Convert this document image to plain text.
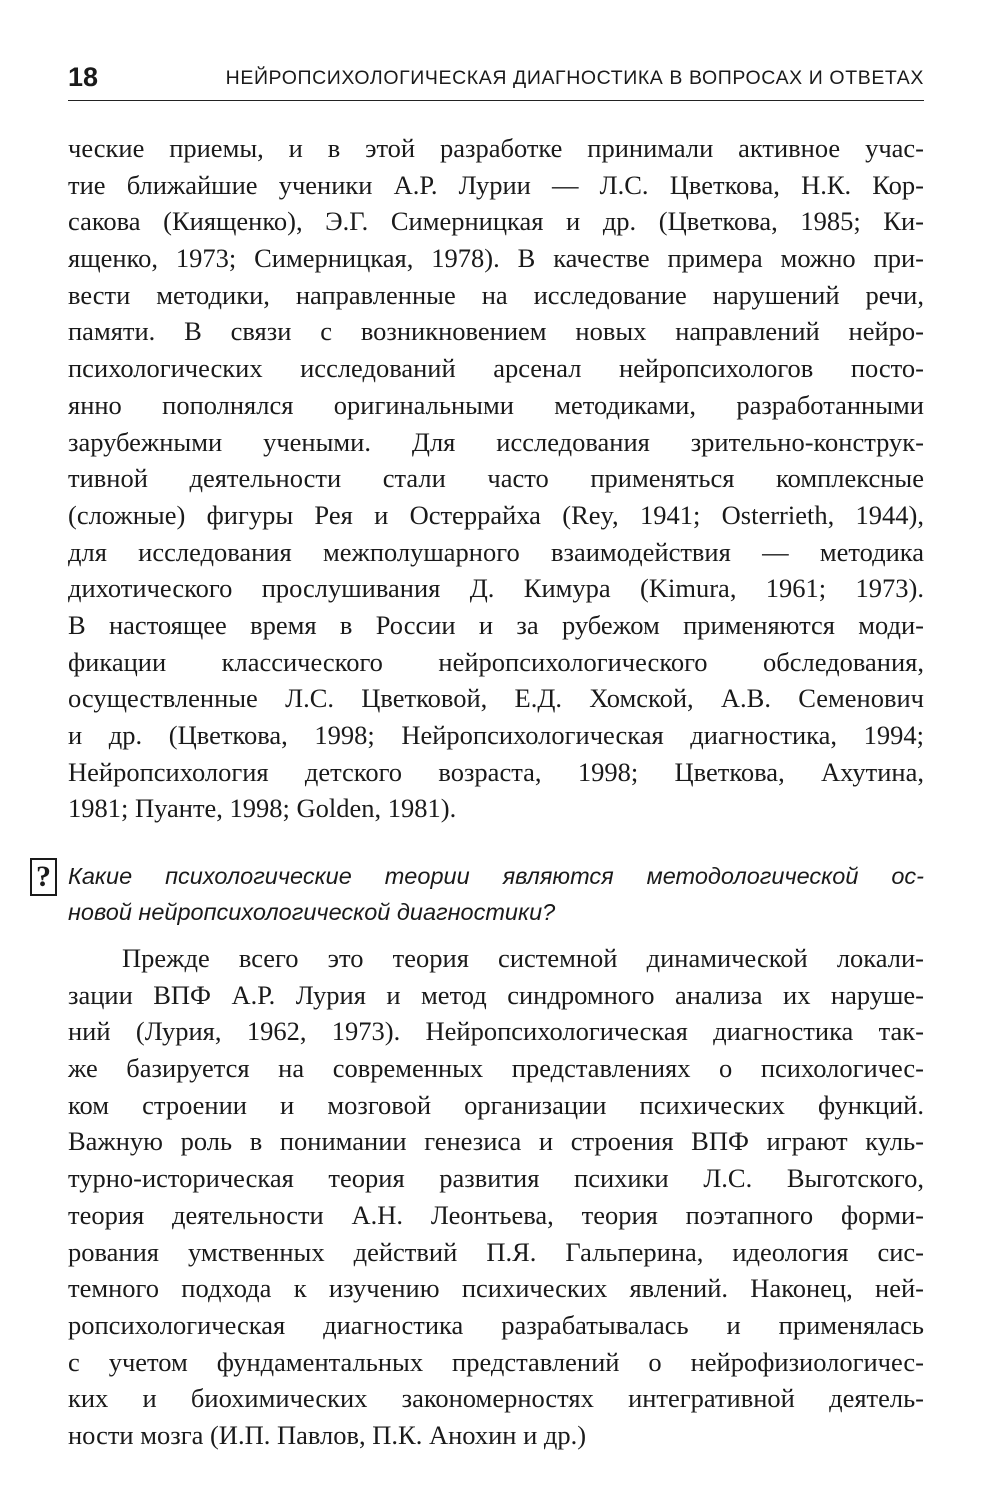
18	НЕЙРОПСИХОЛОГИЧЕСКАЯ ДИАГНОСТИКА В ВОПРОСАХ И ОТВЕТАХ
ческие приемы, и в этой разработке принимали активное учас-
тие ближайшие ученики А.Р. Лурии — Л.С. Цветкова, Н.К. Кор-
сакова (Киященко), Э.Г. Симерницкая и др. (Цветкова, 1985; Ки-
ященко, 1973; Симерницкая, 1978). В качестве примера можно при-
вести методики, направленные на исследование нарушений речи,
памяти. В связи с возникновением новых направлений нейро-
психологических исследований арсенал нейропсихологов посто-
янно пополнялся оригинальными методиками, разработанными
зарубежными учеными. Для исследования зрительно-конструк-
тивной деятельности стали часто применяться комплексные
(сложные) фигуры Рея и Остеррайха (Rey, 1941; Osterrieth, 1944),
для исследования межполушарного взаимодействия — методика
дихотического прослушивания Д. Кимура (Kimura, 1961; 1973).
В настоящее время в России и за рубежом применяются моди-
фикации классического нейропсихологического обследования,
осуществленные Л.С. Цветковой, Е.Д. Хомской, А.В. Семенович
и др. (Цветкова, 1998; Нейропсихологическая диагностика, 1994;
Нейропсихология детского возраста, 1998; Цветкова, Ахутина,
1981; Пуанте, 1998; Golden, 1981).
? Какие психологические теории являются методологической ос-
новой нейропсихологической диагностики?
Прежде всего это теория системной динамической локали-
зации ВПФ А.Р. Лурия и метод синдромного анализа их наруше-
ний (Лурия, 1962, 1973). Нейропсихологическая диагностика так-
же базируется на современных представлениях о психологичес-
ком строении и мозговой организации психических функций.
Важную роль в понимании генезиса и строения ВПФ играют куль-
турно-историческая теория развития психики Л.С. Выготского,
теория деятельности А.Н. Леонтьева, теория поэтапного форми-
рования умственных действий П.Я. Гальперина, идеология сис-
темного подхода к изучению психических явлений. Наконец, ней-
ропсихологическая диагностика разрабатывалась и применялась
с учетом фундаментальных представлений о нейрофизиологичес-
ких и биохимических закономерностях интегративной деятель-
ности мозга (И.П. Павлов, П.К. Анохин и др.)
